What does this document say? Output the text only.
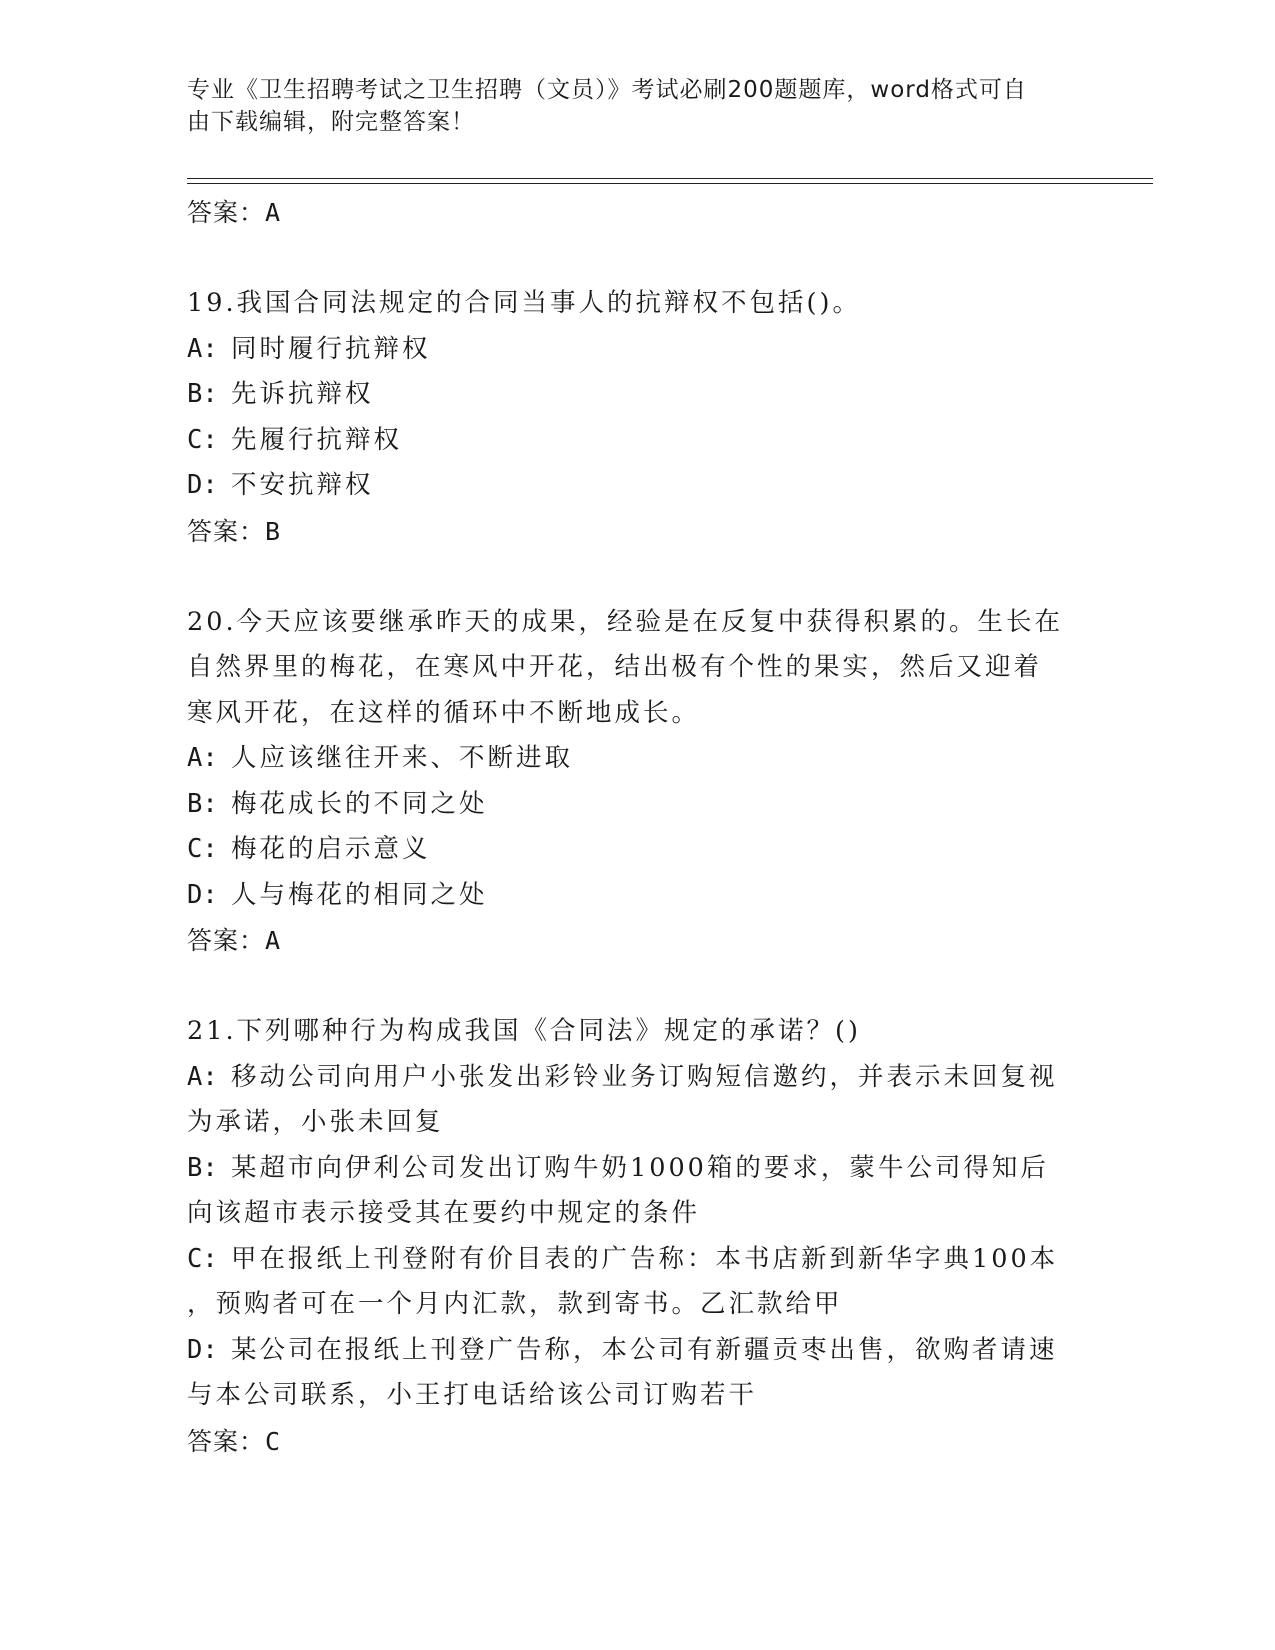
专业《卫生招聘考试之卫生招聘（文员）》考试必刷200题题库，word格式可自
由下载编辑，附完整答案！
答案：A
19.我国合同法规定的合同当事人的抗辩权不包括()。
A: 同时履行抗辩权
B: 先诉抗辩权
C: 先履行抗辩权
D: 不安抗辩权
答案：B
20.今天应该要继承昨天的成果，经验是在反复中获得积累的。生长在
自然界里的梅花，在寒风中开花，结出极有个性的果实，然后又迎着
寒风开花，在这样的循环中不断地成长。
A: 人应该继往开来、不断进取
B: 梅花成长的不同之处
C: 梅花的启示意义
D: 人与梅花的相同之处
答案：A
21.下列哪种行为构成我国《合同法》规定的承诺？()
A: 移动公司向用户小张发出彩铃业务订购短信邀约，并表示未回复视
为承诺，小张未回复
B: 某超市向伊利公司发出订购牛奶1000箱的要求，蒙牛公司得知后
向该超市表示接受其在要约中规定的条件
C: 甲在报纸上刊登附有价目表的广告称：本书店新到新华字典100本
，预购者可在一个月内汇款，款到寄书。乙汇款给甲
D: 某公司在报纸上刊登广告称，本公司有新疆贡枣出售，欲购者请速
与本公司联系，小王打电话给该公司订购若干
答案：C
